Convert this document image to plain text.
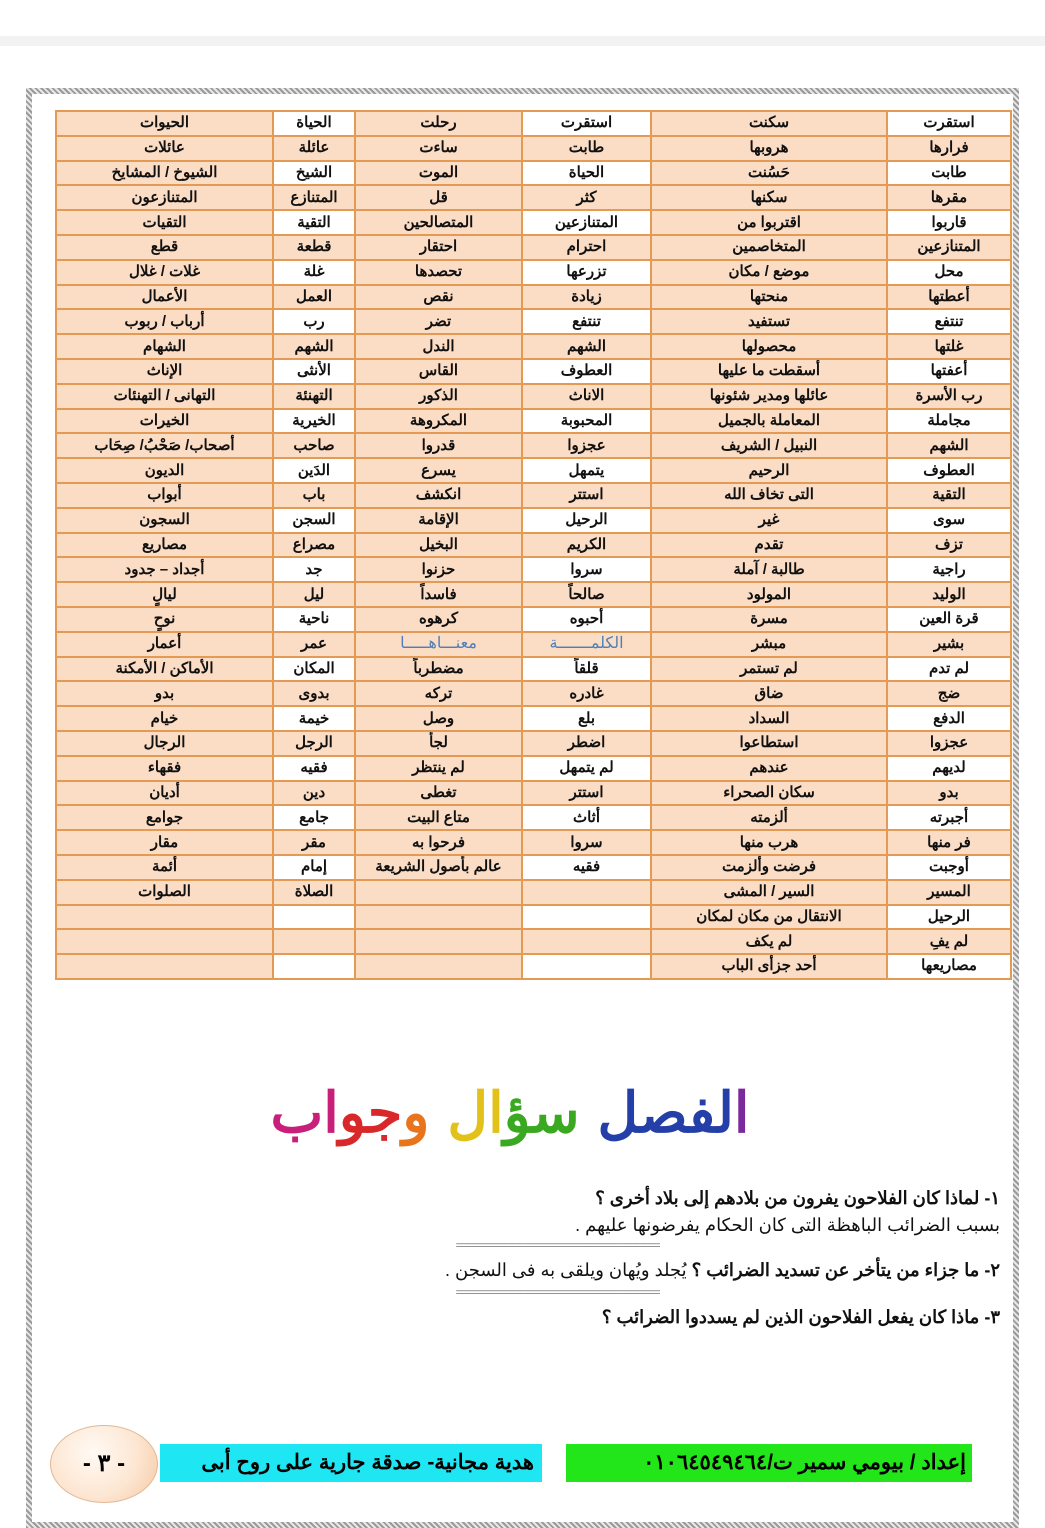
استقرت	سكنت	استقرت	رحلت	الحياة	الحيوات
فرارها	هروبها	طابت	ساءت	عائلة	عائلات
طابت	حَسُنت	الحياة	الموت	الشيخ	الشيوخ / المشايخ
مقرها	سكنها	كثر	قل	المتنازع	المتنازعون
قاربوا	اقتربوا من	المتنازعين	المتصالحين	التقية	التقيات
المتنازعين	المتخاصمين	احترام	احتقار	قطعة	قطع
محل	موضع / مكان	تزرعها	تحصدها	غلة	غلات / غلال
أعطتها	منحتها	زيادة	نقص	العمل	الأعمال
تنتفع	تستفيد	تنتفع	تضر	رب	أرباب / ربوب
غلتها	محصولها	الشهم	الندل	الشهم	الشهام
أعفتها	أسقطت ما عليها	العطوف	القاس	الأنثى	الإناث
رب الأسرة	عائلها ومدير شئونها	الاناث	الذكور	التهنئة	التهانى / التهنئات
مجاملة	المعاملة بالجميل	المحبوبة	المكروهة	الخيرية	الخيرات
الشهم	النبيل / الشريف	عجزوا	قدروا	صاحب	أصحاب/ صَحْبُ/ صِحَاب
العطوف	الرحيم	يتمهل	يسرع	الدَين	الديون
التقية	التى تخاف الله	استتر	انكشف	باب	أبواب
سوى	غير	الرحيل	الإقامة	السجن	السجون
تزف	تقدم	الكريم	البخيل	مصراع	مصاريع
راجية	طالبة / آملة	سروا	حزنوا	جد	أجداد – جدود
الوليد	المولود	صالحاً	فاسداً	ليل	ليالٍ
قرة العين	مسرة	أحبوه	كرهوه	ناحية	نوحٍ
بشير	مبشر	الكلمـــــــة	معنـــاهـــــا	عمر	أعمار
لم تدم	لم تستمر	قلقاً	مضطرباً	المكان	الأماكن / الأمكنة
ضج	ضاق	غادره	تركه	بدوى	بدو
الدفع	السداد	بلع	وصل	خيمة	خيام
عجزوا	استطاعوا	اضطر	لجأ	الرجل	الرجال
لديهم	عندهم	لم يتمهل	لم ينتظر	فقيه	فقهاء
بدو	سكان الصحراء	استتر	تغطى	دين	أديان
أجبرته	ألزمته	أثاث	متاع البيت	جامع	جوامع
فر منها	هرب منها	سروا	فرحوا به	مقر	مقار
أوجبت	فرضت وألزمت	فقيه	عالم بأصول الشريعة	إمام	أئمة
المسير	السير / المشى			الصلاة	الصلوات
الرحيل	الانتقال من مكان لمكان				
لم يفِ	لم يكف				
مصاريعها	أحد جزأى الباب				
الفصلسؤالوجواب
١- لماذا كان الفلاحون يفرون من بلادهم إلى بلاد أخرى ؟
بسبب الضرائب الباهظة التى كان الحكام يفرضونها عليهم .
================================================
٢- ما جزاء من يتأخر عن تسديد الضرائب ؟ يُجلد ويُهان ويلقى به فى السجن .
================================================
٣- ماذا كان يفعل الفلاحون الذين لم يسددوا الضرائب ؟
إعداد / بيومي سمير ت/٠١٠٦٤٥٤٩٤٦٤
هدية مجانية- صدقة جارية على روح أبى
- ٣ -
